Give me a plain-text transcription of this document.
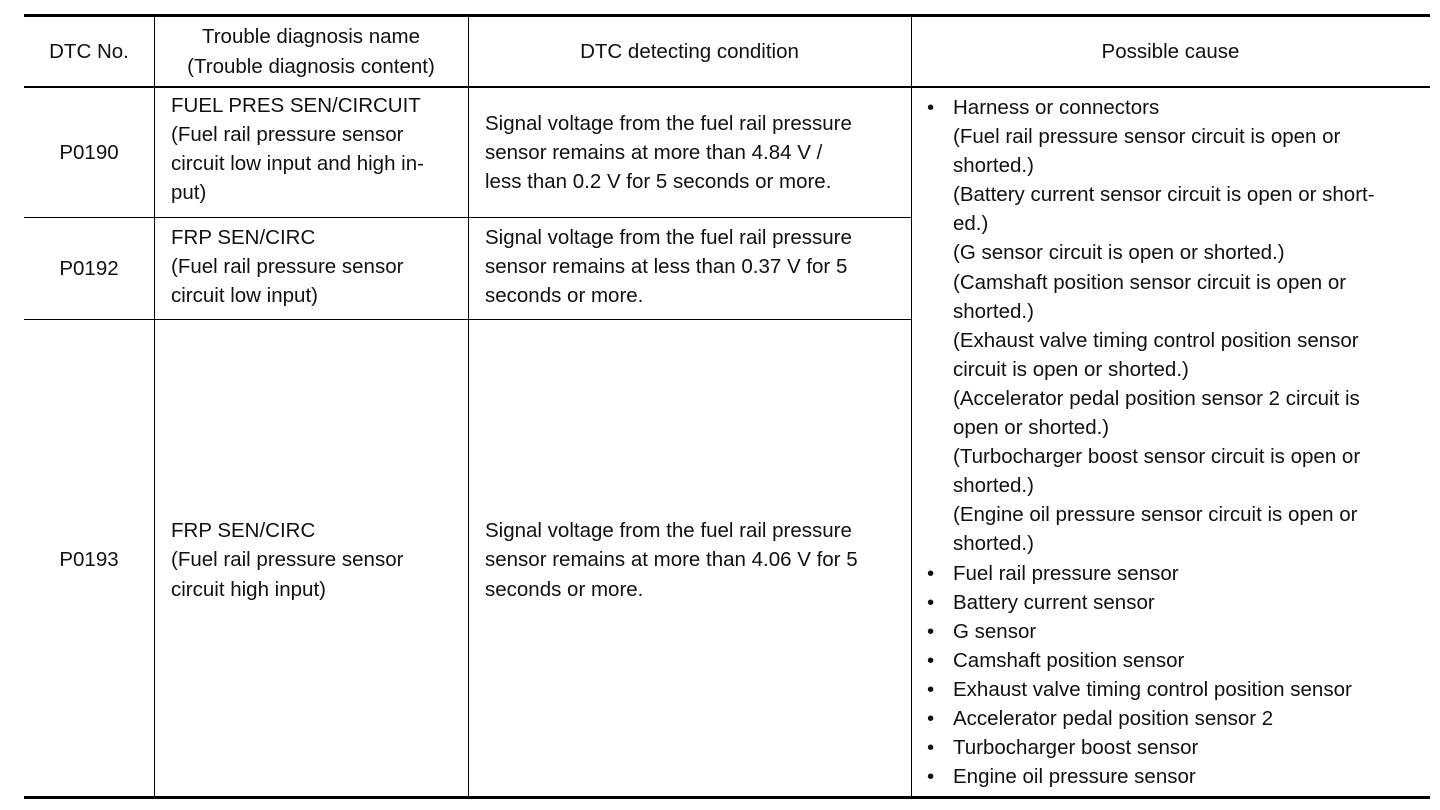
DTC No.
Trouble diagnosis name
(Trouble diagnosis content)
DTC detecting condition	Possible cause
P0190
FUEL PRES SEN/CIRCUIT
(Fuel rail pressure sensor
circuit low input and high in-
put)
Signal voltage from the fuel rail pressure
sensor remains at more than 4.84 V /
less than 0.2 V for 5 seconds or more.
P0192
FRP SEN/CIRC
(Fuel rail pressure sensor
circuit low input)
Signal voltage from the fuel rail pressure
sensor remains at less than 0.37 V for 5
seconds or more.
P0193
FRP SEN/CIRC
(Fuel rail pressure sensor
circuit high input)
Signal voltage from the fuel rail pressure
sensor remains at more than 4.06 V for 5
seconds or more.
• Harness or connectors
(Fuel rail pressure sensor circuit is open or
shorted.)
(Battery current sensor circuit is open or short-
ed.)
(G sensor circuit is open or shorted.)
(Camshaft position sensor circuit is open or
shorted.)
(Exhaust valve timing control position sensor
circuit is open or shorted.)
(Accelerator pedal position sensor 2 circuit is
open or shorted.)
(Turbocharger boost sensor circuit is open or
shorted.)
(Engine oil pressure sensor circuit is open or
shorted.)
• Fuel rail pressure sensor
• Battery current sensor
• G sensor
• Camshaft position sensor
• Exhaust valve timing control position sensor
• Accelerator pedal position sensor 2
• Turbocharger boost sensor
• Engine oil pressure sensor
